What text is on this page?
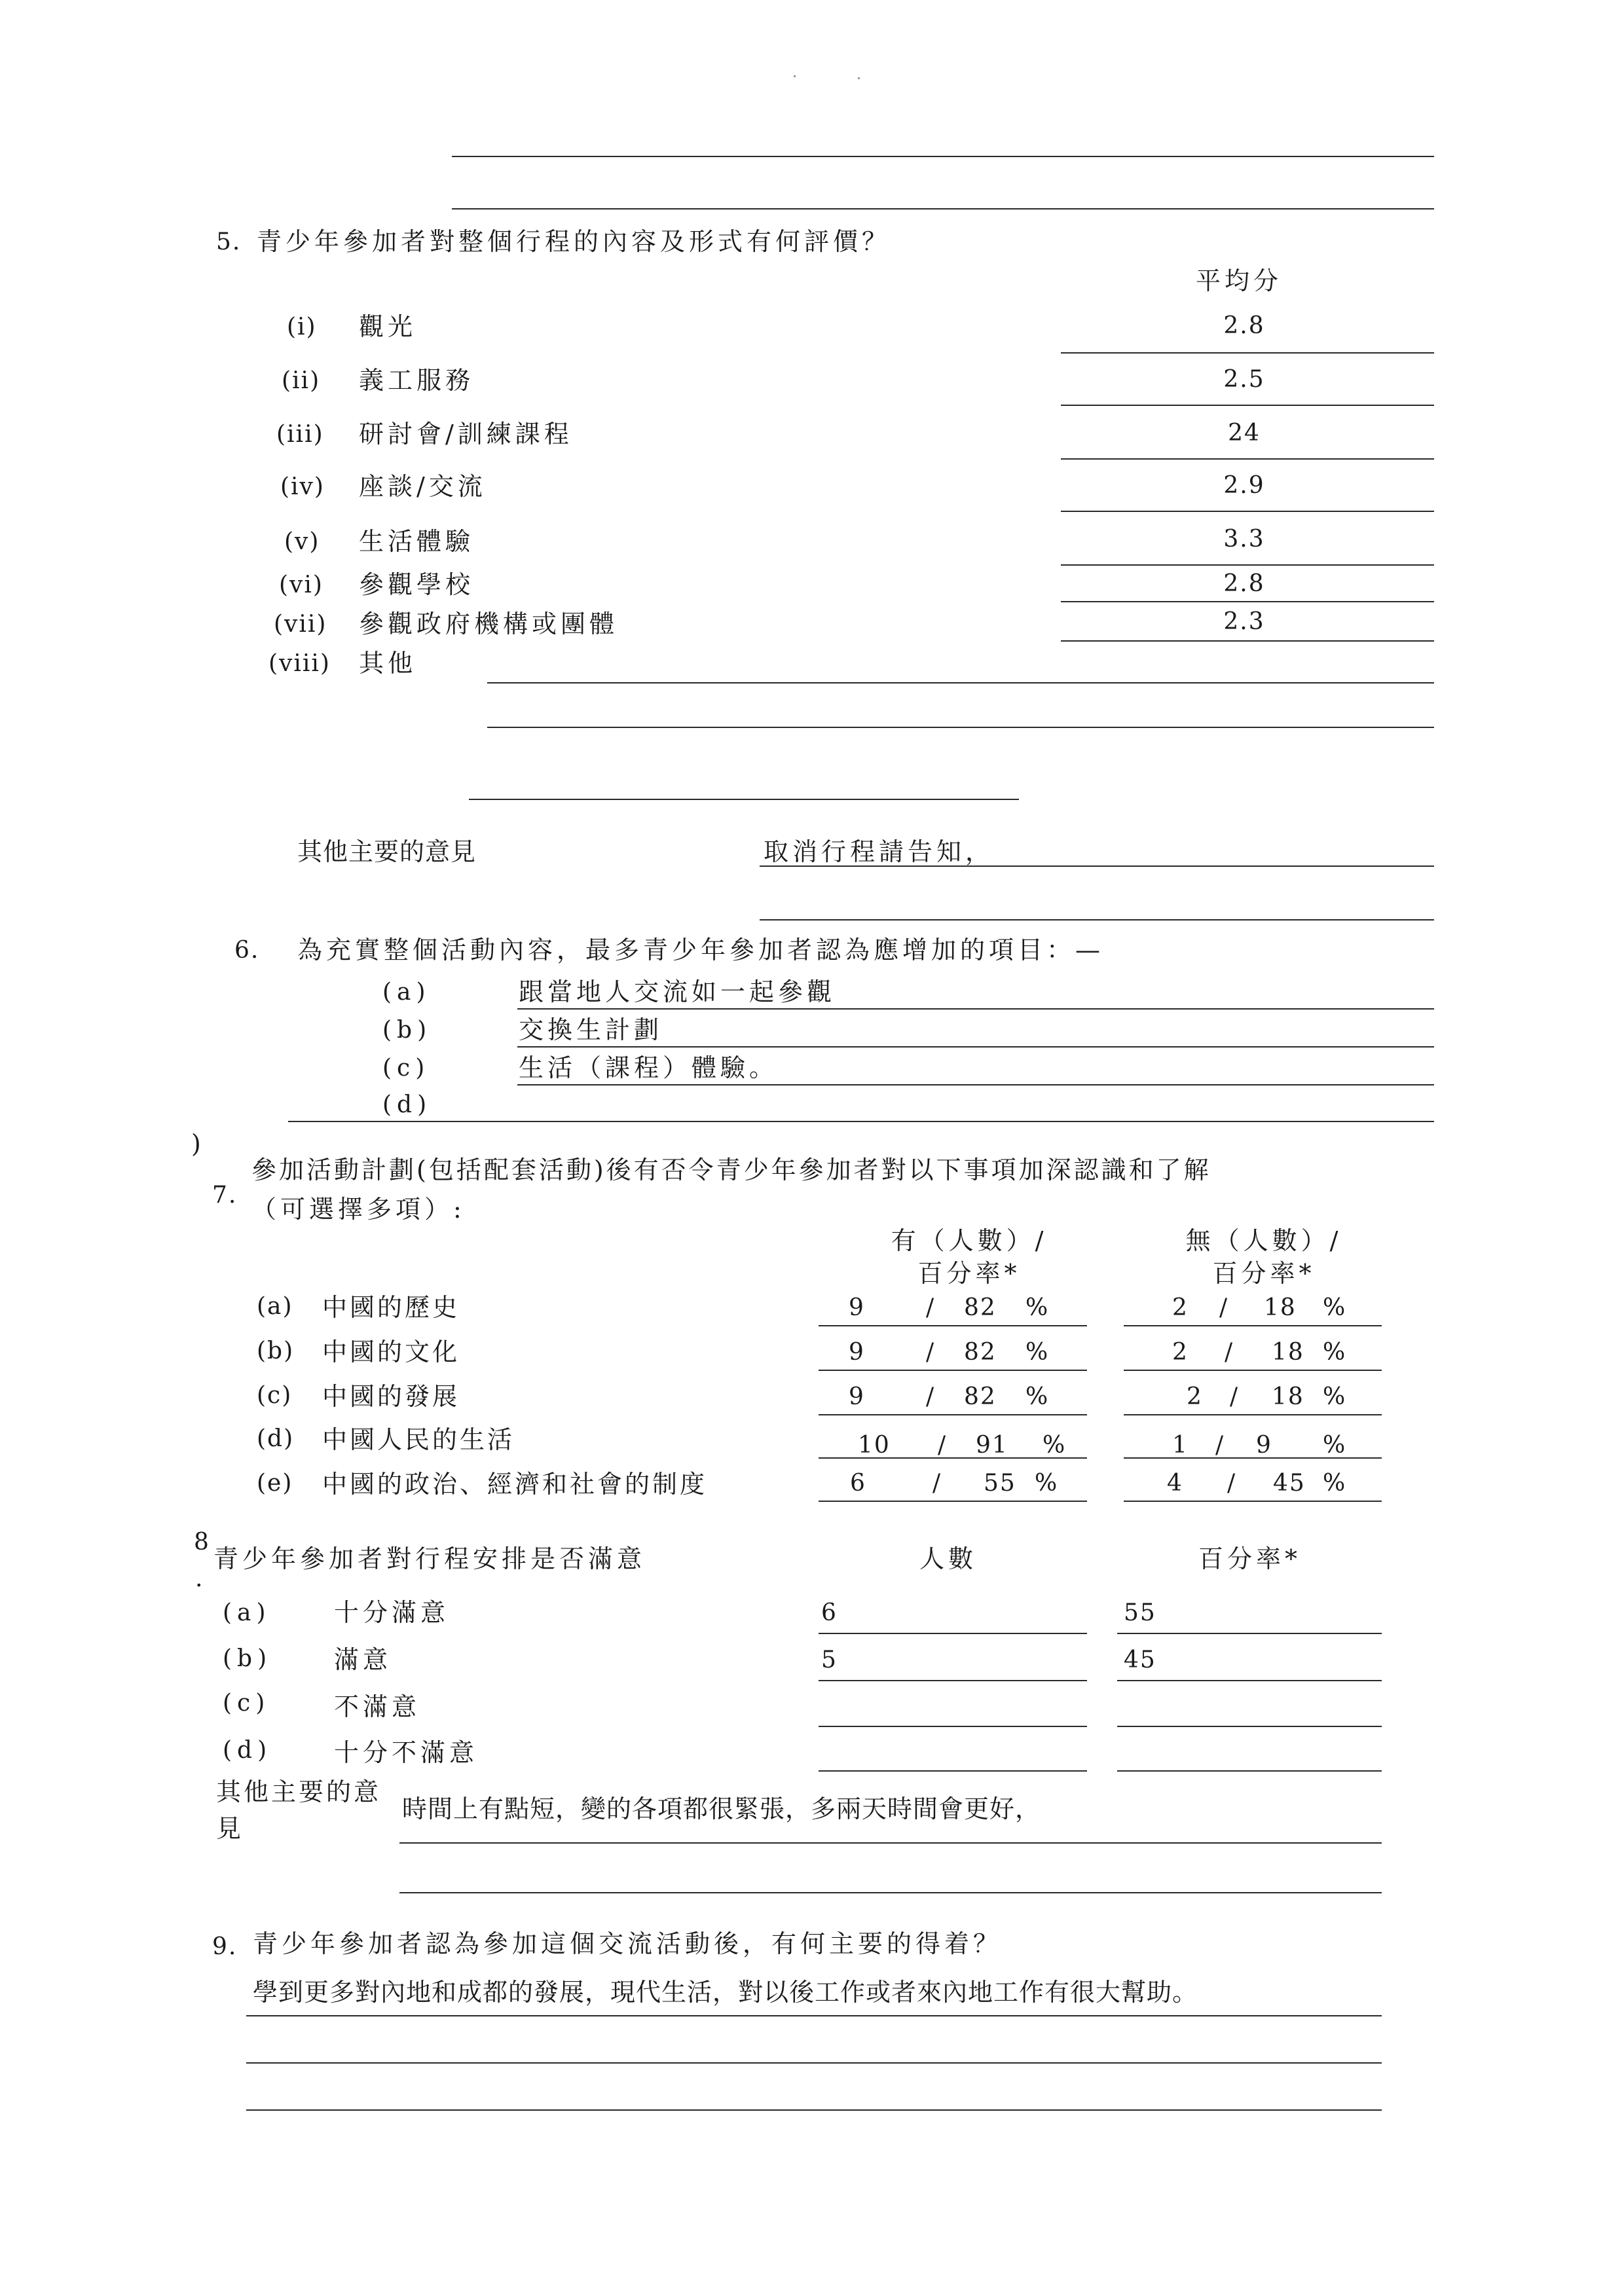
5. 青少年參加者對整個行程的內容及形式有何評價？
平均分
(i) 觀光	2.8
(ii) 義工服務	2.5
(iii) 研討會/訓練課程	24
(iv) 座談/交流	2.9
(v) 生活體驗	3.3
(vi) 參觀學校	2.8
(vii) 參觀政府機構或團體	2.3
(viii) 其他
其他主要的意見	取消行程請告知，
6. 為充實整個活動內容，最多青少年參加者認為應增加的項目：—
(a)	跟當地人交流如一起參觀
(b)	交換生計劃
(c)	生活（課程）體驗。
(d)
)
7.
參加活動計劃(包括配套活動)後有否令青少年參加者對以下事項加深認識和了解
（可選擇多項）:
有（人數）/
百分率*
無（人數）/
百分率*
(a) 中國的歷史	9	/ 82 %	2 / 18 %
(b) 中國的文化	9	/ 82 %	2 / 18 %
(c) 中國的發展	9	/ 82 %	2 / 18 %
(d) 中國人民的生活	10 / 91 %	1 / 9 %
(e) 中國的政治、經濟和社會的制度	6	/ 55 %	4 / 45 %
8
.
青少年參加者對行程安排是否滿意	人數	百分率*
(a)	十分滿意	6	55
(b) 滿意	5	45
(c)	不滿意
(d) 十分不滿意
其他主要的意
見
時間上有點短，變的各項都很緊張，多兩天時間會更好，
9. 青少年參加者認為參加這個交流活動後，有何主要的得着？
學到更多對內地和成都的發展，現代生活，對以後工作或者來內地工作有很大幫助。
